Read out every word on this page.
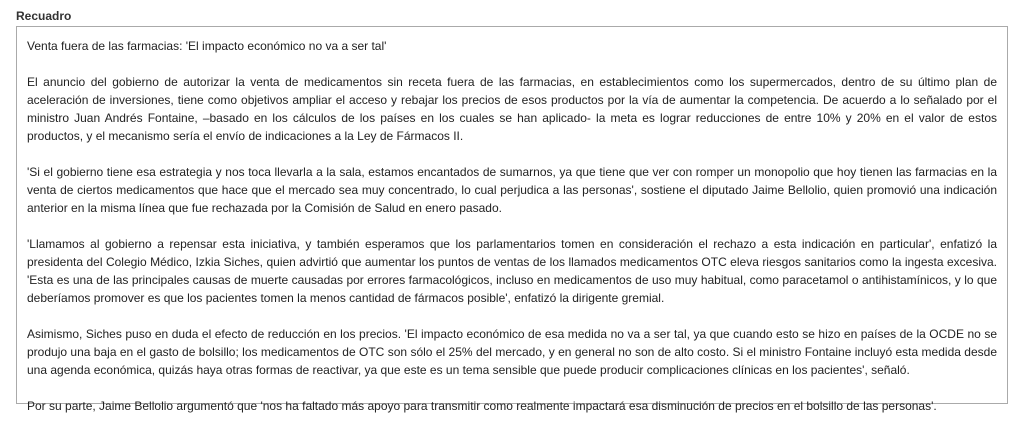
Recuadro

Venta fuera de las farmacias: 'El impacto económico no va a ser tal'

El anuncio del gobierno de autorizar la venta de medicamentos sin receta fuera de las farmacias, en establecimientos como los supermercados, dentro de su último plan de aceleración de inversiones, tiene como objetivos ampliar el acceso y rebajar los precios de esos productos por la vía de aumentar la competencia. De acuerdo a lo señalado por el ministro Juan Andrés Fontaine, –basado en los cálculos de los países en los cuales se han aplicado- la meta es lograr reducciones de entre 10% y 20% en el valor de estos productos, y el mecanismo sería el envío de indicaciones a la Ley de Fármacos II.

'Si el gobierno tiene esa estrategia y nos toca llevarla a la sala, estamos encantados de sumarnos, ya que tiene que ver con romper un monopolio que hoy tienen las farmacias en la venta de ciertos medicamentos que hace que el mercado sea muy concentrado, lo cual perjudica a las personas', sostiene el diputado Jaime Bellolio, quien promovió una indicación anterior en la misma línea que fue rechazada por la Comisión de Salud en enero pasado.

'Llamamos al gobierno a repensar esta iniciativa, y también esperamos que los parlamentarios tomen en consideración el rechazo a esta indicación en particular', enfatizó la presidenta del Colegio Médico, Izkia Siches, quien advirtió que aumentar los puntos de ventas de los llamados medicamentos OTC eleva riesgos sanitarios como la ingesta excesiva. 'Esta es una de las principales causas de muerte causadas por errores farmacológicos, incluso en medicamentos de uso muy habitual, como paracetamol o antihistamínicos, y lo que deberíamos promover es que los pacientes tomen la menos cantidad de fármacos posible', enfatizó la dirigente gremial.

Asimismo, Siches puso en duda el efecto de reducción en los precios. 'El impacto económico de esa medida no va a ser tal, ya que cuando esto se hizo en países de la OCDE no se produjo una baja en el gasto de bolsillo; los medicamentos de OTC son sólo el 25% del mercado, y en general no son de alto costo. Si el ministro Fontaine incluyó esta medida desde una agenda económica, quizás haya otras formas de reactivar, ya que este es un tema sensible que puede producir complicaciones clínicas en los pacientes', señaló.

Por su parte, Jaime Bellolio argumentó que 'nos ha faltado más apoyo para transmitir como realmente impactará esa disminución de precios en el bolsillo de las personas'.
